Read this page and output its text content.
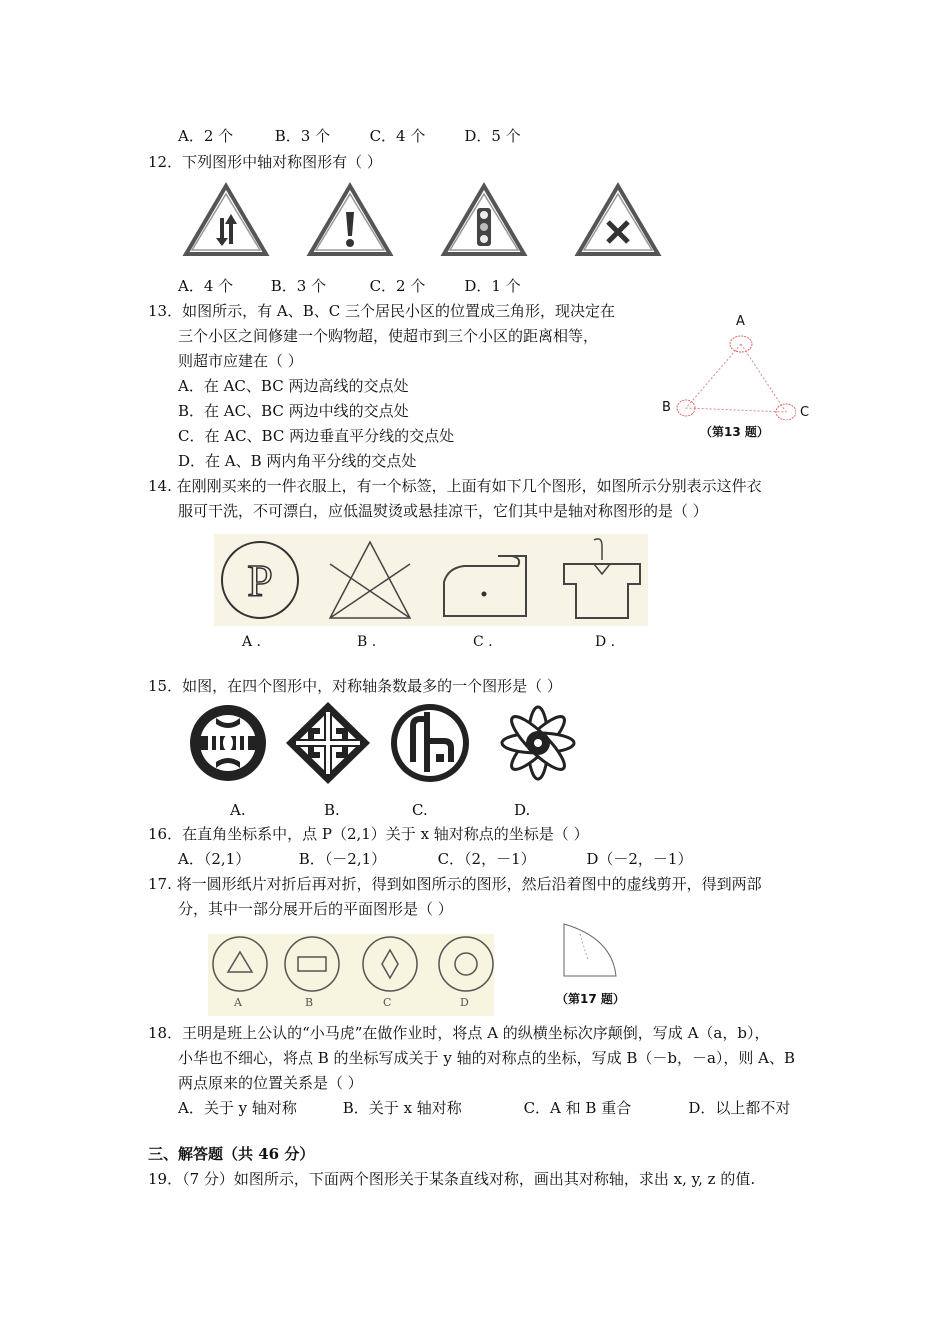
A．2 个	B．3 个	C．4 个	D．5 个
12．下列图形中轴对称图形有（ ）
A．4 个	B．3 个	C．2 个	D．1 个
13．如图所示，有 A、B、C 三个居民小区的位置成三角形，现决定在
三个小区之间修建一个购物超，使超市到三个小区的距离相等，
则超市应建在（ ）
A．在 AC、BC 两边高线的交点处
B．在 AC、BC 两边中线的交点处
C．在 AC、BC 两边垂直平分线的交点处
D．在 A、B 两内角平分线的交点处
A
B	C
（第13 题）
14. 在刚刚买来的一件衣服上，有一个标签，上面有如下几个图形，如图所示分别表示这件衣
服可干洗，不可漂白，应低温熨烫或悬挂凉干，它们其中是轴对称图形的是（ ）
P
A .	B .	C .	D .
15．如图，在四个图形中，对称轴条数最多的一个图形是（ ）
A.	B.	C.	D.
16．在直角坐标系中，点 P（2,1）关于 x 轴对称点的坐标是（ ）
A．（2,1）	B．（－2,1）	C．（2，－1）	D（－2，－1）
17. 将一圆形纸片对折后再对折，得到如图所示的图形，然后沿着图中的虚线剪开，得到两部
分，其中一部分展开后的平面图形是（ ）
A	B	C	D	（第17 题）
18．王明是班上公认的“小马虎”在做作业时，将点 A 的纵横坐标次序颠倒，写成 A（a，b），
小华也不细心，将点 B 的坐标写成关于 y 轴的对称点的坐标，写成 B（－b，－a），则 A、B
两点原来的位置关系是（ ）
A．关于 y 轴对称	B．关于 x 轴对称	C．A 和 B 重合	D．以上都不对
三、解答题（共 46 分）
19．（7 分）如图所示，下面两个图形关于某条直线对称，画出其对称轴，求出 x, y, z 的值.
